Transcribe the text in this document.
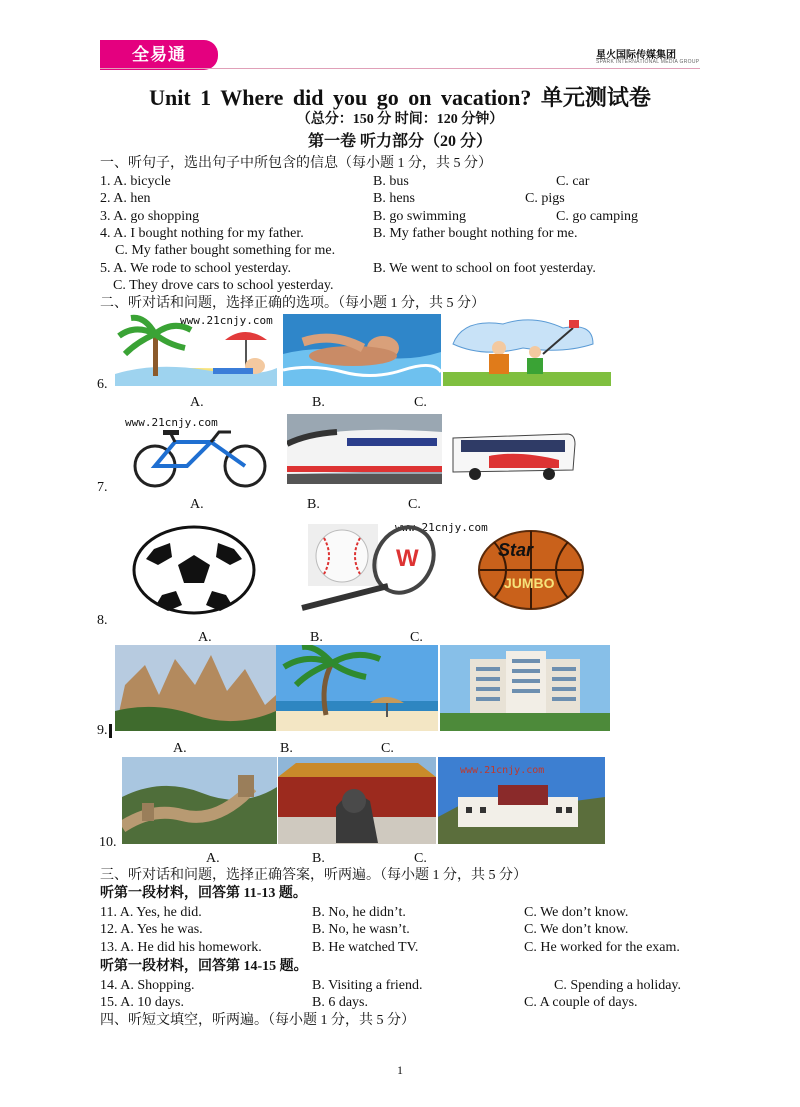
全易通	星火国际传媒集团
SPARK INTERNATIONAL MEDIA GROUP
Unit 1 Where did you go on vacation? 单元测试卷
（总分：150 分 时间：120 分钟）
第一卷 听力部分（20 分）
一、听句子，选出句子中所包含的信息（每小题 1 分，共 5 分）
1. A. bicycle	B. bus	C. car
2. A. hen	B. hens	C. pigs
3. A. go shopping	B. go swimming	C. go camping
4. A. I bought nothing for my father.	B. My father bought nothing for me.
C. My father bought something for me.
5. A. We rode to school yesterday.	B. We went to school on foot yesterday.
C. They drove cars to school yesterday.
二、听对话和问题，选择正确的选项。（每小题 1 分，共 5 分）
www.21cnjy.com
6.
A.	B.	C.
www.21cnjy.com
7.
A.	B.	C.
www.21cnjy.com
W	Star
JUMBO
8.
A.	B.	C.
9.
A.	B.	C.
www.21cnjy.com
10.
A.	B.	C.
三、听对话和问题，选择正确答案，听两遍。（每小题 1 分，共 5 分）
听第一段材料，回答第 11-13 题。
11. A. Yes, he did.	B. No, he didn’t.	C. We don’t know.
12. A. Yes he was.	B. No, he wasn’t.	C. We don’t know.
13. A. He did his homework.	B. He watched TV.	C. He worked for the exam.
听第一段材料，回答第 14-15 题。
14. A. Shopping.	B. Visiting a friend.	C. Spending a holiday.
15. A. 10 days.	B. 6 days.	C. A couple of days.
四、听短文填空，听两遍。（每小题 1 分，共 5 分）
1
